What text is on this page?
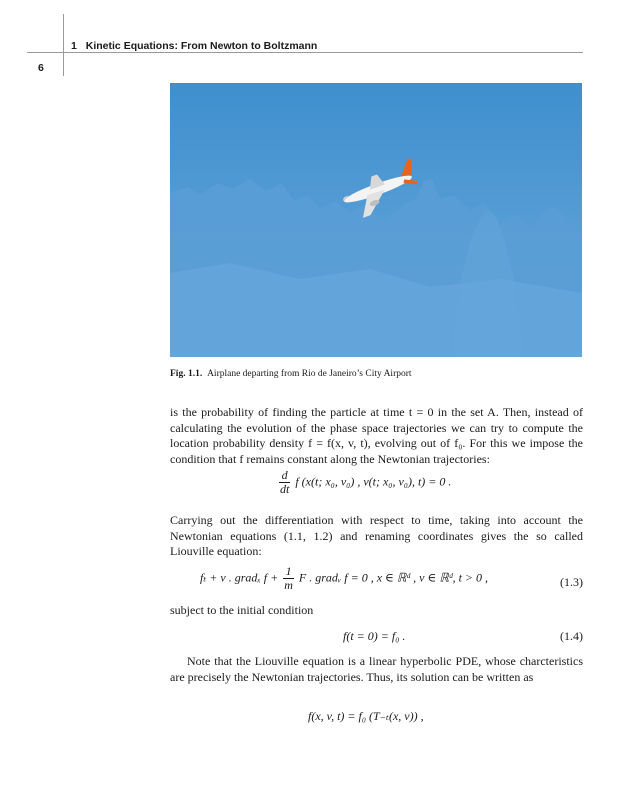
1 Kinetic Equations: From Newton to Boltzmann
6
Fig. 1.1. Airplane departing from Rio de Janeiro’s City Airport
is the probability of finding the particle at time t = 0 in the set A. Then, instead of calculating the evolution of the phase space trajectories we can try to compute the location probability density f = f(x, v, t), evolving out of f₀. For this we impose the condition that f remains constant along the Newtonian trajectories:
$\frac{d}{dt}$ f (x(t; x₀, v₀) , v(t; x₀, v₀), t) = 0 .
Carrying out the differentiation with respect to time, taking into account the Newtonian equations (1.1, 1.2) and renaming coordinates gives the so called Liouville equation:
fₜ + v . gradₓ $f + \frac{1}{m}$ F . gradᵥ f = 0 , x ∈ ℝᵈ , v ∈ ℝᵈ, t > 0 ,	(1.3)
subject to the initial condition
f(t = 0) = f₀ .	(1.4)
Note that the Liouville equation is a linear hyperbolic PDE, whose charcteristics are precisely the Newtonian trajectories. Thus, its solution can be written as
f(x, v, t) = f₀ (T₋ₜ(x, v)) ,
